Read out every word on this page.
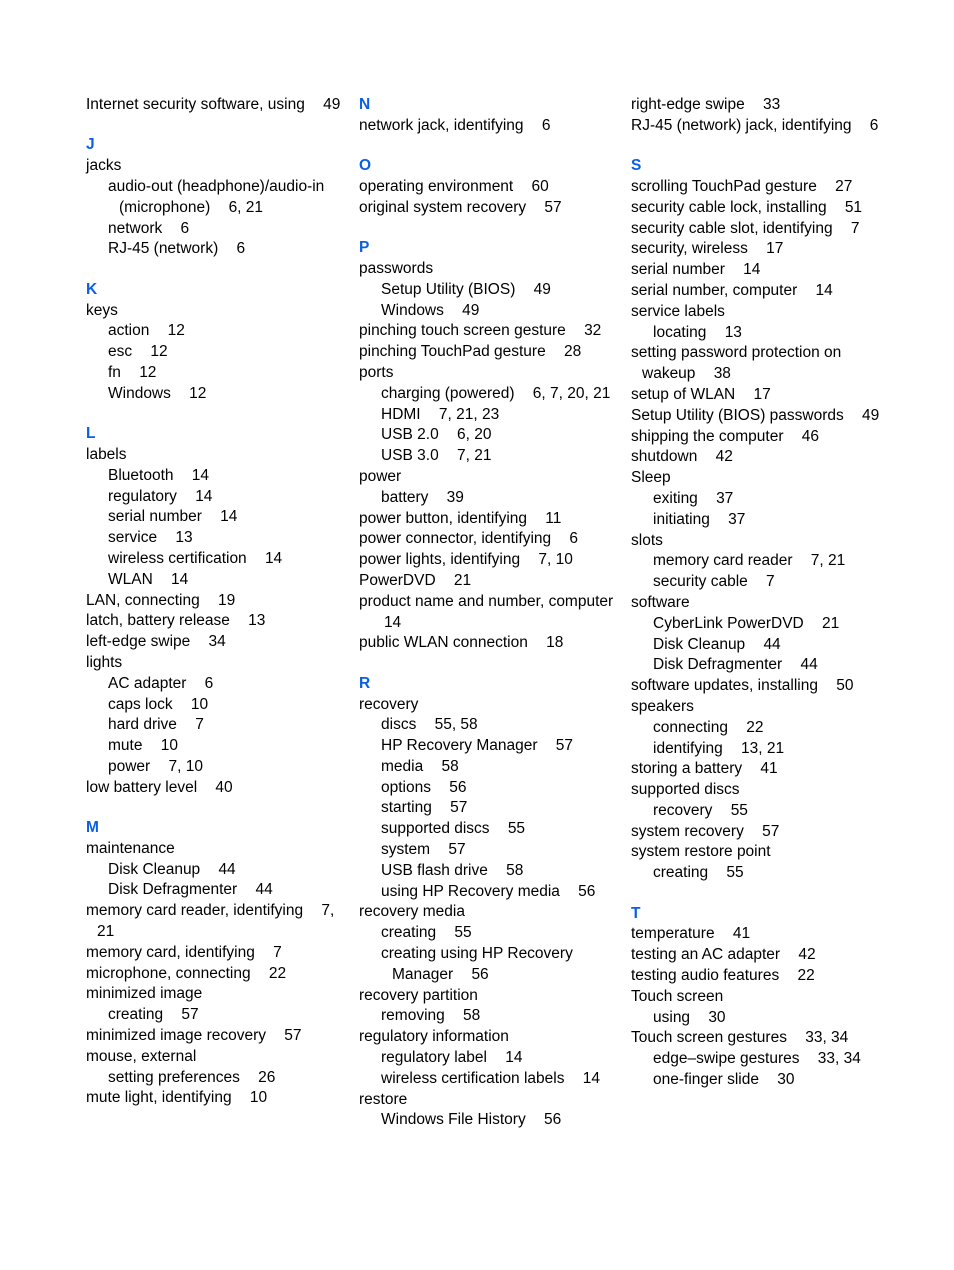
Internet security software, using 49
J
jacks
audio-out (headphone)/audio-in (microphone) 6, 21
network 6
RJ-45 (network) 6
K
keys
action 12
esc 12
fn 12
Windows 12
L
labels
Bluetooth 14
regulatory 14
serial number 14
service 13
wireless certification 14
WLAN 14
LAN, connecting 19
latch, battery release 13
left-edge swipe 34
lights
AC adapter 6
caps lock 10
hard drive 7
mute 10
power 7, 10
low battery level 40
M
maintenance
Disk Cleanup 44
Disk Defragmenter 44
memory card reader, identifying 7, 21
memory card, identifying 7
microphone, connecting 22
minimized image
creating 57
minimized image recovery 57
mouse, external
setting preferences 26
mute light, identifying 10
N
network jack, identifying 6
O
operating environment 60
original system recovery 57
P
passwords
Setup Utility (BIOS) 49
Windows 49
pinching touch screen gesture 32
pinching TouchPad gesture 28
ports
charging (powered) 6, 7, 20, 21
HDMI 7, 21, 23
USB 2.0 6, 20
USB 3.0 7, 21
power
battery 39
power button, identifying 11
power connector, identifying 6
power lights, identifying 7, 10
PowerDVD 21
product name and number, computer 14
public WLAN connection 18
R
recovery
discs 55, 58
HP Recovery Manager 57
media 58
options 56
starting 57
supported discs 55
system 57
USB flash drive 58
using HP Recovery media 56
recovery media
creating 55
creating using HP Recovery Manager 56
recovery partition
removing 58
regulatory information
regulatory label 14
wireless certification labels 14
restore
Windows File History 56
right-edge swipe 33
RJ-45 (network) jack, identifying 6
S
scrolling TouchPad gesture 27
security cable lock, installing 51
security cable slot, identifying 7
security, wireless 17
serial number 14
serial number, computer 14
service labels
locating 13
setting password protection on wakeup 38
setup of WLAN 17
Setup Utility (BIOS) passwords 49
shipping the computer 46
shutdown 42
Sleep
exiting 37
initiating 37
slots
memory card reader 7, 21
security cable 7
software
CyberLink PowerDVD 21
Disk Cleanup 44
Disk Defragmenter 44
software updates, installing 50
speakers
connecting 22
identifying 13, 21
storing a battery 41
supported discs
recovery 55
system recovery 57
system restore point
creating 55
T
temperature 41
testing an AC adapter 42
testing audio features 22
Touch screen
using 30
Touch screen gestures 33, 34
edge–swipe gestures 33, 34
one-finger slide 30
